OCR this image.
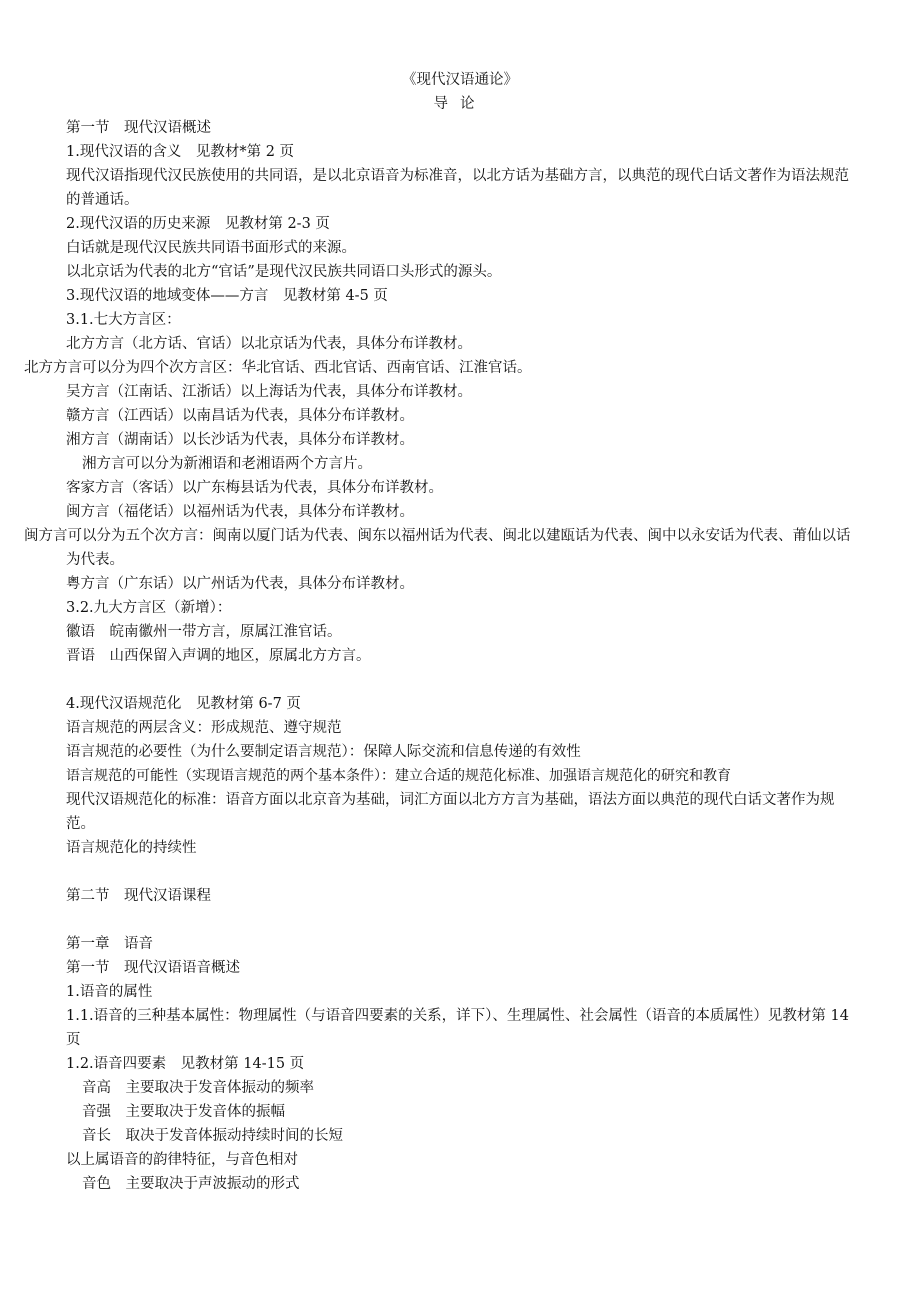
《现代汉语通论》
导论
第一节　现代汉语概述
1.现代汉语的含义　见教材*第 2 页
现代汉语指现代汉民族使用的共同语，是以北京语音为标准音，以北方话为基础方言，以典范的现代白话文著作为语法规范的普通话。
2.现代汉语的历史来源　见教材第 2-3 页
白话就是现代汉民族共同语书面形式的来源。
以北京话为代表的北方“官话”是现代汉民族共同语口头形式的源头。
3.现代汉语的地域变体——方言　见教材第 4-5 页
3.1.七大方言区：
北方方言（北方话、官话）以北京话为代表，具体分布详教材。
北方方言可以分为四个次方言区：华北官话、西北官话、西南官话、江淮官话。
吴方言（江南话、江浙话）以上海话为代表，具体分布详教材。
赣方言（江西话）以南昌话为代表，具体分布详教材。
湘方言（湖南话）以长沙话为代表，具体分布详教材。
湘方言可以分为新湘语和老湘语两个方言片。
客家方言（客话）以广东梅县话为代表，具体分布详教材。
闽方言（福佬话）以福州话为代表，具体分布详教材。
闽方言可以分为五个次方言：闽南以厦门话为代表、闽东以福州话为代表、闽北以建瓯话为代表、闽中以永安话为代表、莆仙以话为代表。
粤方言（广东话）以广州话为代表，具体分布详教材。
3.2.九大方言区（新增）：
徽语　皖南徽州一带方言，原属江淮官话。
晋语　山西保留入声调的地区，原属北方方言。
4.现代汉语规范化　见教材第 6-7 页
语言规范的两层含义：形成规范、遵守规范
语言规范的必要性（为什么要制定语言规范）：保障人际交流和信息传递的有效性
语言规范的可能性（实现语言规范的两个基本条件）：建立合适的规范化标准、加强语言规范化的研究和教育
现代汉语规范化的标准：语音方面以北京音为基础，词汇方面以北方方言为基础，语法方面以典范的现代白话文著作为规范。
语言规范化的持续性
第二节　现代汉语课程
第一章　语音
第一节　现代汉语语音概述
1.语音的属性
1.1.语音的三种基本属性：物理属性（与语音四要素的关系，详下）、生理属性、社会属性（语音的本质属性）见教材第 14 页
1.2.语音四要素　见教材第 14-15 页
音高　主要取决于发音体振动的频率
音强　主要取决于发音体的振幅
音长　取决于发音体振动持续时间的长短
以上属语音的韵律特征，与音色相对
音色　主要取决于声波振动的形式
